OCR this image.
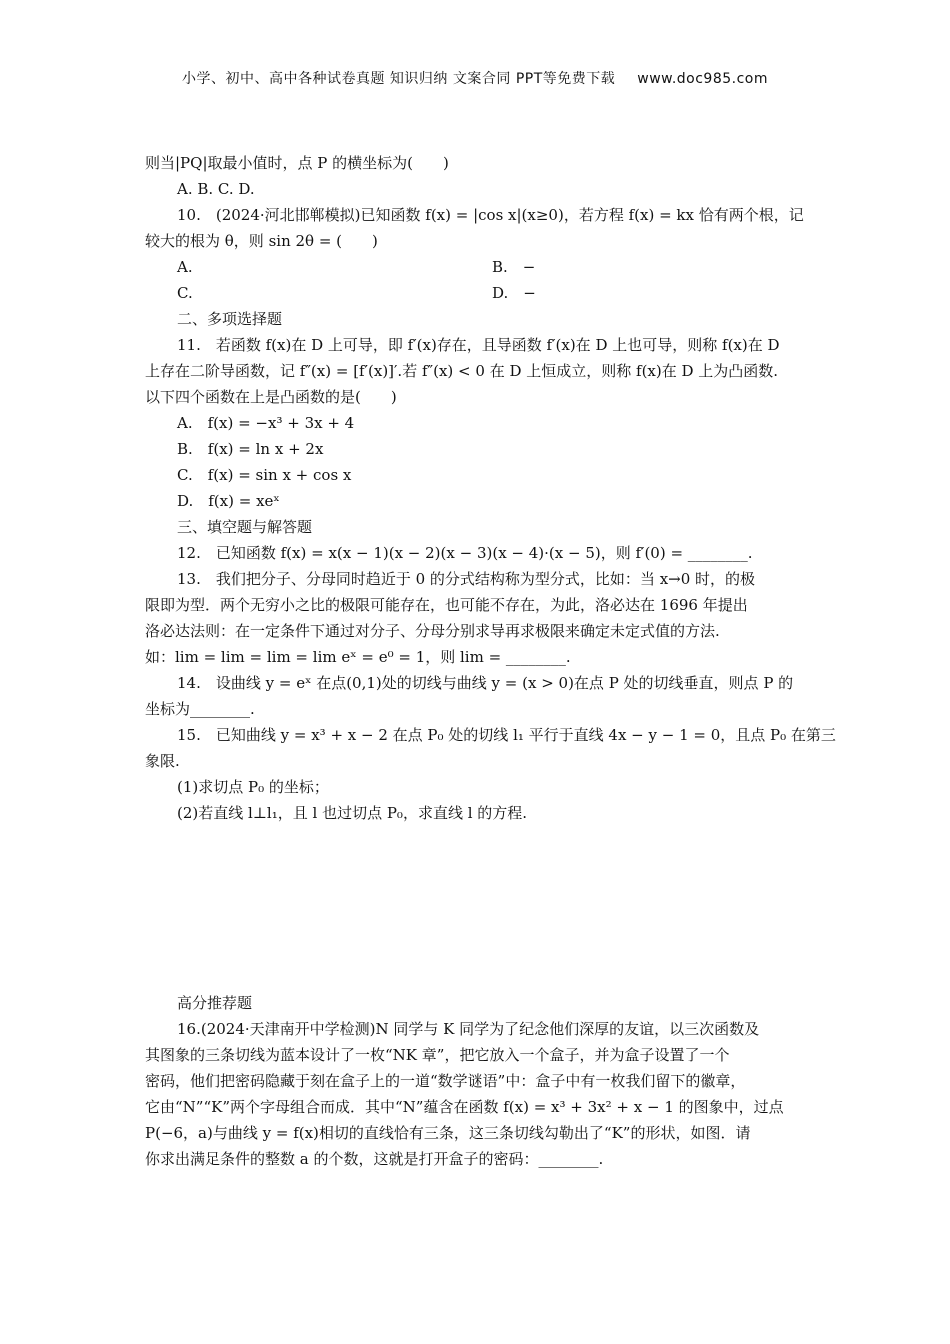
小学、初中、高中各种试卷真题 知识归纳 文案合同 PPT等免费下载 www.doc985.com
则当|PQ|取最小值时，点 P 的横坐标为(　　)
A. B. C. D.
10.　(2024·河北邯郸模拟)已知函数 f(x) = |cos x|(x≥0)，若方程 f(x) = kx 恰有两个根，记
较大的根为 θ，则 sin 2θ = (　　)
A.	B.　−
C.	D.　−
二、多项选择题
11.　若函数 f(x)在 D 上可导，即 f′(x)存在，且导函数 f′(x)在 D 上也可导，则称 f(x)在 D
上存在二阶导函数，记 f″(x) = [f′(x)]′.若 f″(x) < 0 在 D 上恒成立，则称 f(x)在 D 上为凸函数.
以下四个函数在上是凸函数的是(　　)
A.　f(x) = −x³ + 3x + 4
B.　f(x) = ln x + 2x
C.　f(x) = sin x + cos x
D.　f(x) = xeˣ
三、填空题与解答题
12.　已知函数 f(x) = x(x − 1)(x − 2)(x − 3)(x − 4)·(x − 5)，则 f′(0) = ________.
13.　我们把分子、分母同时趋近于 0 的分式结构称为型分式，比如：当 x→0 时，的极
限即为型．两个无穷小之比的极限可能存在，也可能不存在，为此，洛必达在 1696 年提出
洛必达法则：在一定条件下通过对分子、分母分别求导再求极限来确定未定式值的方法.
如：lim = lim = lim = lim eˣ = e⁰ = 1，则 lim = ________.
14.　设曲线 y = eˣ 在点(0,1)处的切线与曲线 y = (x > 0)在点 P 处的切线垂直，则点 P 的
坐标为________.
15.　已知曲线 y = x³ + x − 2 在点 P₀ 处的切线 l₁ 平行于直线 4x − y − 1 = 0，且点 P₀ 在第三
象限.
(1)求切点 P₀ 的坐标；
(2)若直线 l⊥l₁，且 l 也过切点 P₀，求直线 l 的方程.
高分推荐题
16.(2024·天津南开中学检测)N 同学与 K 同学为了纪念他们深厚的友谊，以三次函数及
其图象的三条切线为蓝本设计了一枚“NK 章”，把它放入一个盒子，并为盒子设置了一个
密码，他们把密码隐藏于刻在盒子上的一道“数学谜语”中：盒子中有一枚我们留下的徽章，
它由“N”“K”两个字母组合而成．其中“N”蕴含在函数 f(x) = x³ + 3x² + x − 1 的图象中，过点
P(−6，a)与曲线 y = f(x)相切的直线恰有三条，这三条切线勾勒出了“K”的形状，如图．请
你求出满足条件的整数 a 的个数，这就是打开盒子的密码：________.
